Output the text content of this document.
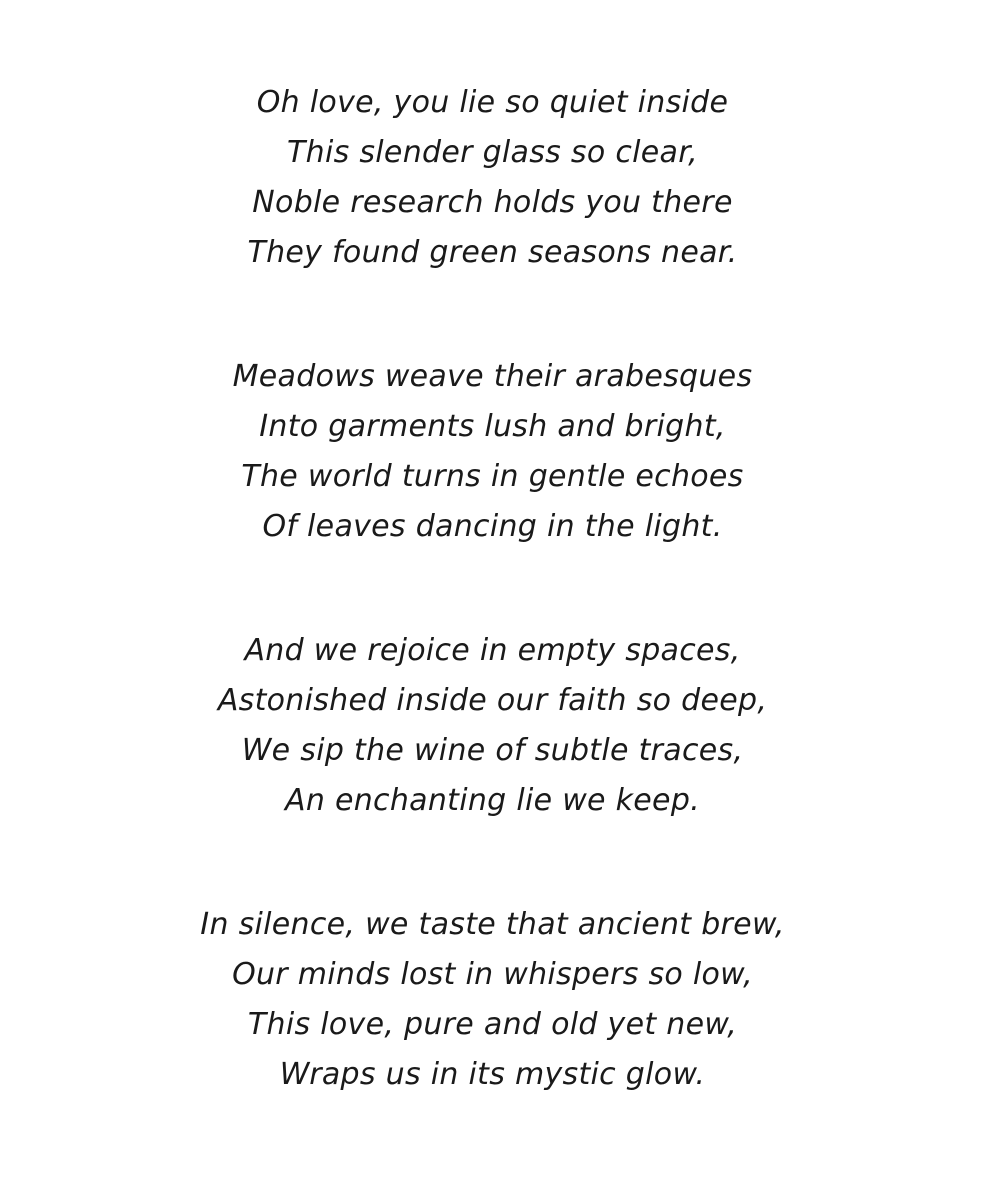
Oh love, you lie so quiet inside
This slender glass so clear,
Noble research holds you there
They found green seasons near.
Meadows weave their arabesques
Into garments lush and bright,
The world turns in gentle echoes
Of leaves dancing in the light.
And we rejoice in empty spaces,
Astonished inside our faith so deep,
We sip the wine of subtle traces,
An enchanting lie we keep.
In silence, we taste that ancient brew,
Our minds lost in whispers so low,
This love, pure and old yet new,
Wraps us in its mystic glow.
